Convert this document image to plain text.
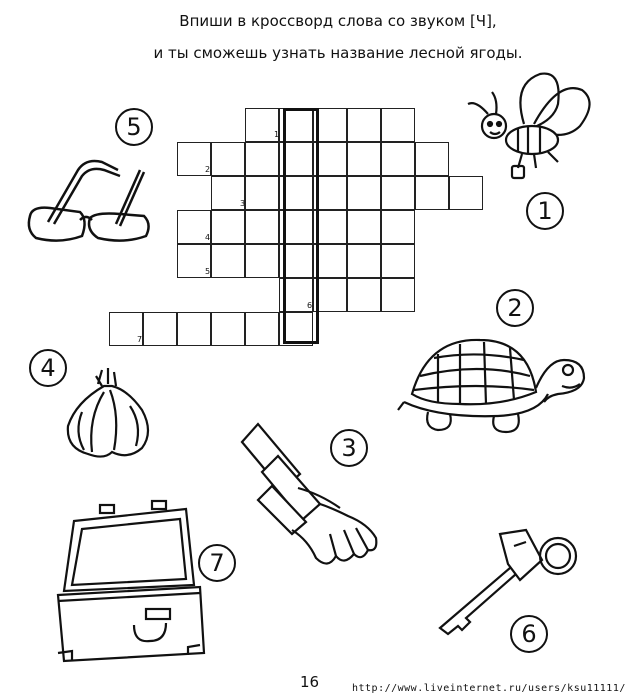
Впиши в кроссворд слова со звуком [Ч],
и ты сможешь узнать название лесной ягоды.
1
2
3
4
5
6
7
5
1
2
4
3
7
6
16	http://www.liveinternet.ru/users/ksu11111/
